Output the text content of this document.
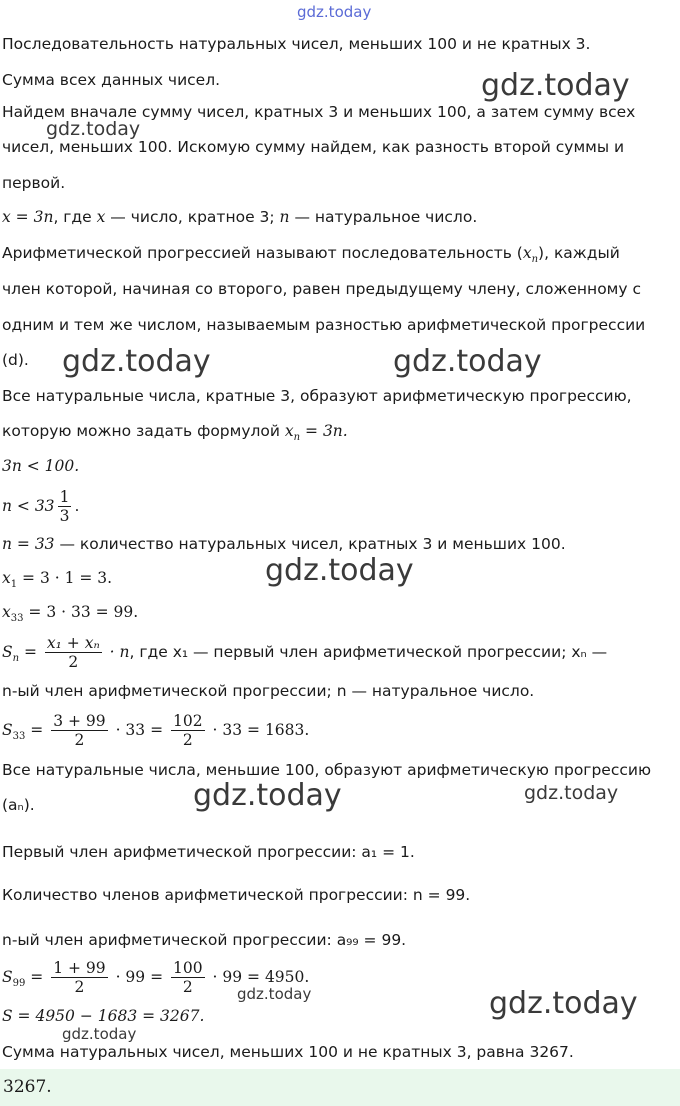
gdz.today
gdz.today
gdz.today
gdz.today	gdz.today
gdz.today
gdz.today	gdz.today
gdz.today	gdz.today
gdz.today
Последовательность натуральных чисел, меньших 100 и не кратных 3.
Сумма всех данных чисел.
Найдем вначале сумму чисел, кратных 3 и меньших 100, а затем сумму всех
чисел, меньших 100. Искомую сумму найдем, как разность второй суммы и
первой.
x = 3n, где x — число, кратное 3; n — натуральное число.
Арифметической прогрессией называют последовательность $(x_n)$, каждый
член которой, начиная со второго, равен предыдущему члену, сложенному с
одним и тем же числом, называемым разностью арифметической прогрессии
(d).
Все натуральные числа, кратные 3, образуют арифметическую прогрессию,
которую можно задать формулой $x_n = 3n$.
3n < 100.
$n < 33 \frac{1}{3}$ .
n = 33 — количество натуральных чисел, кратных 3 и меньших 100.
$x_1 = 3 \cdot 1 = 3$.
$x_{33} = 3 \cdot 33 = 99$.
$S_n = \frac{\text{x₁ + xₙ}}{2} \cdot n$, где x₁ — первый член арифметической прогрессии; xₙ —
n-ый член арифметической прогрессии; n — натуральное число.
$S_{33} = \frac{3 + 99}{2} \cdot 33 = \frac{102}{2} \cdot 33 = 1683$.
Все натуральные числа, меньшие 100, образуют арифметическую прогрессию
(aₙ).
Первый член арифметической прогрессии: a₁ = 1.
Количество членов арифметической прогрессии: n = 99.
n-ый член арифметической прогрессии: a₉₉ = 99.
$S_{99} = \frac{1 + 99}{2} \cdot 99 = \frac{100}{2} \cdot 99 = 4950$.
S = 4950 − 1683 = 3267.
Сумма натуральных чисел, меньших 100 и не кратных 3, равна 3267.
3267.
